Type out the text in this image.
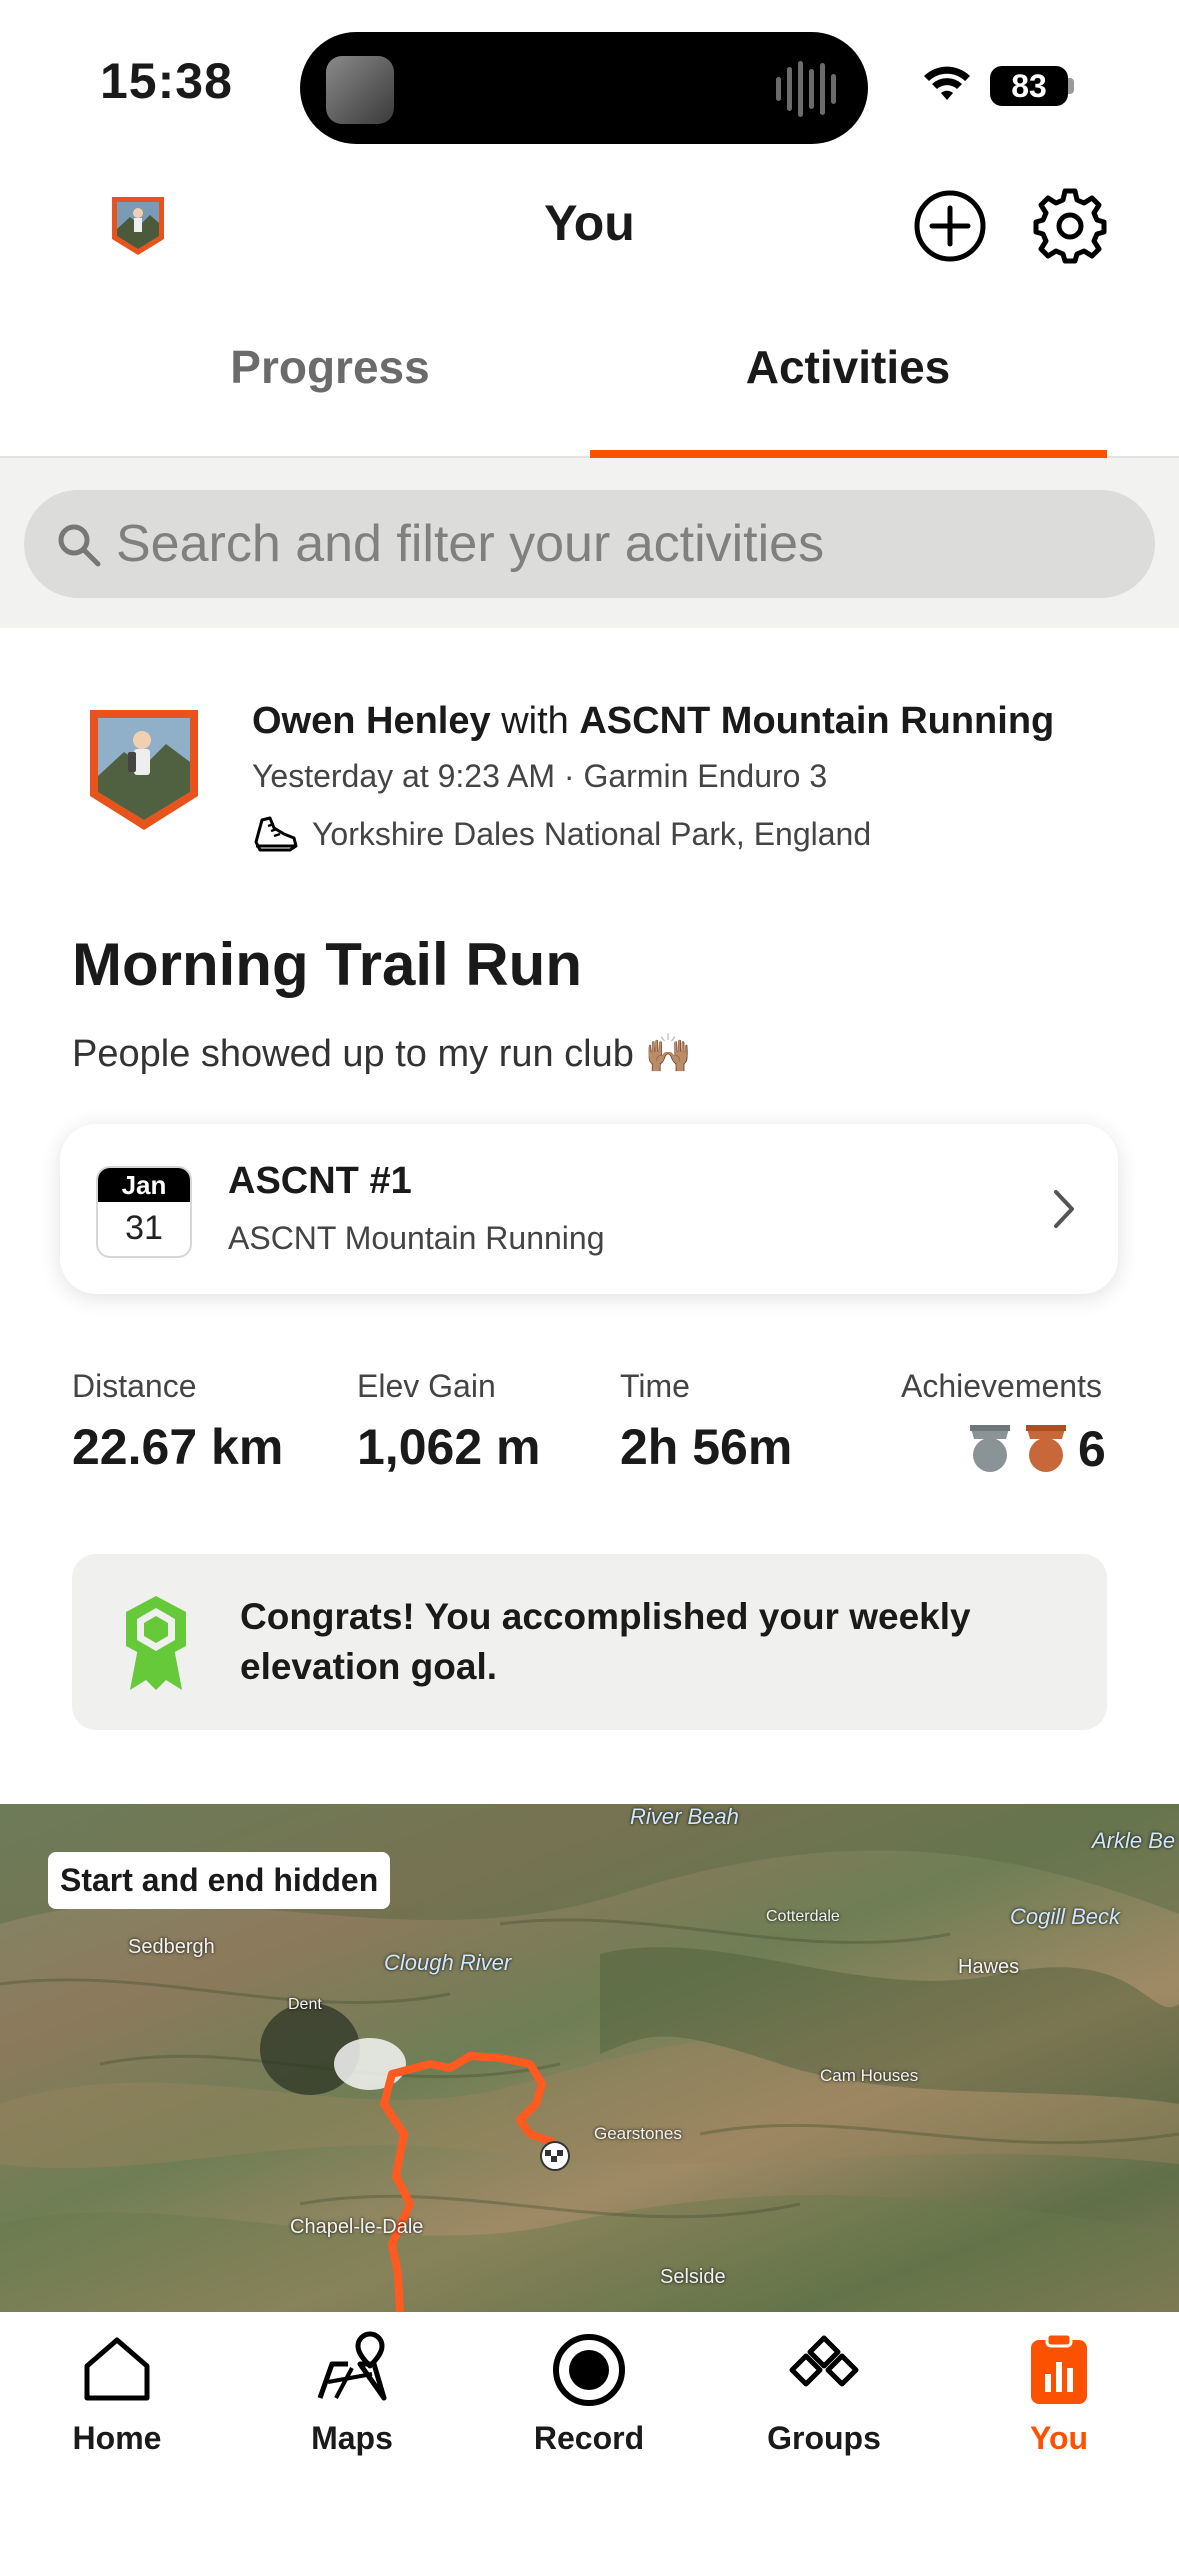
15:38	83
You
Progress	Activities
Search and filter your activities
Owen Henley with ASCNT Mountain Running
Yesterday at 9:23 AM · Garmin Enduro 3
Yorkshire Dales National Park, England
Morning Trail Run
People showed up to my run club 🙌🏽
Jan
31
ASCNT #1
ASCNT Mountain Running
Distance
22.67 km
Elev Gain
1,062 m
Time
2h 56m
Achievements
6
Congrats! You accomplished your weekly elevation goal.
Start and end hidden
River Beah
Arkle Be
Sedbergh
Clough River
Cotterdale	Cogill Beck
Hawes
Dent
Cam Houses
Gearstones
Chapel-le-Dale
Selside
Home	Maps	Record	Groups	You
